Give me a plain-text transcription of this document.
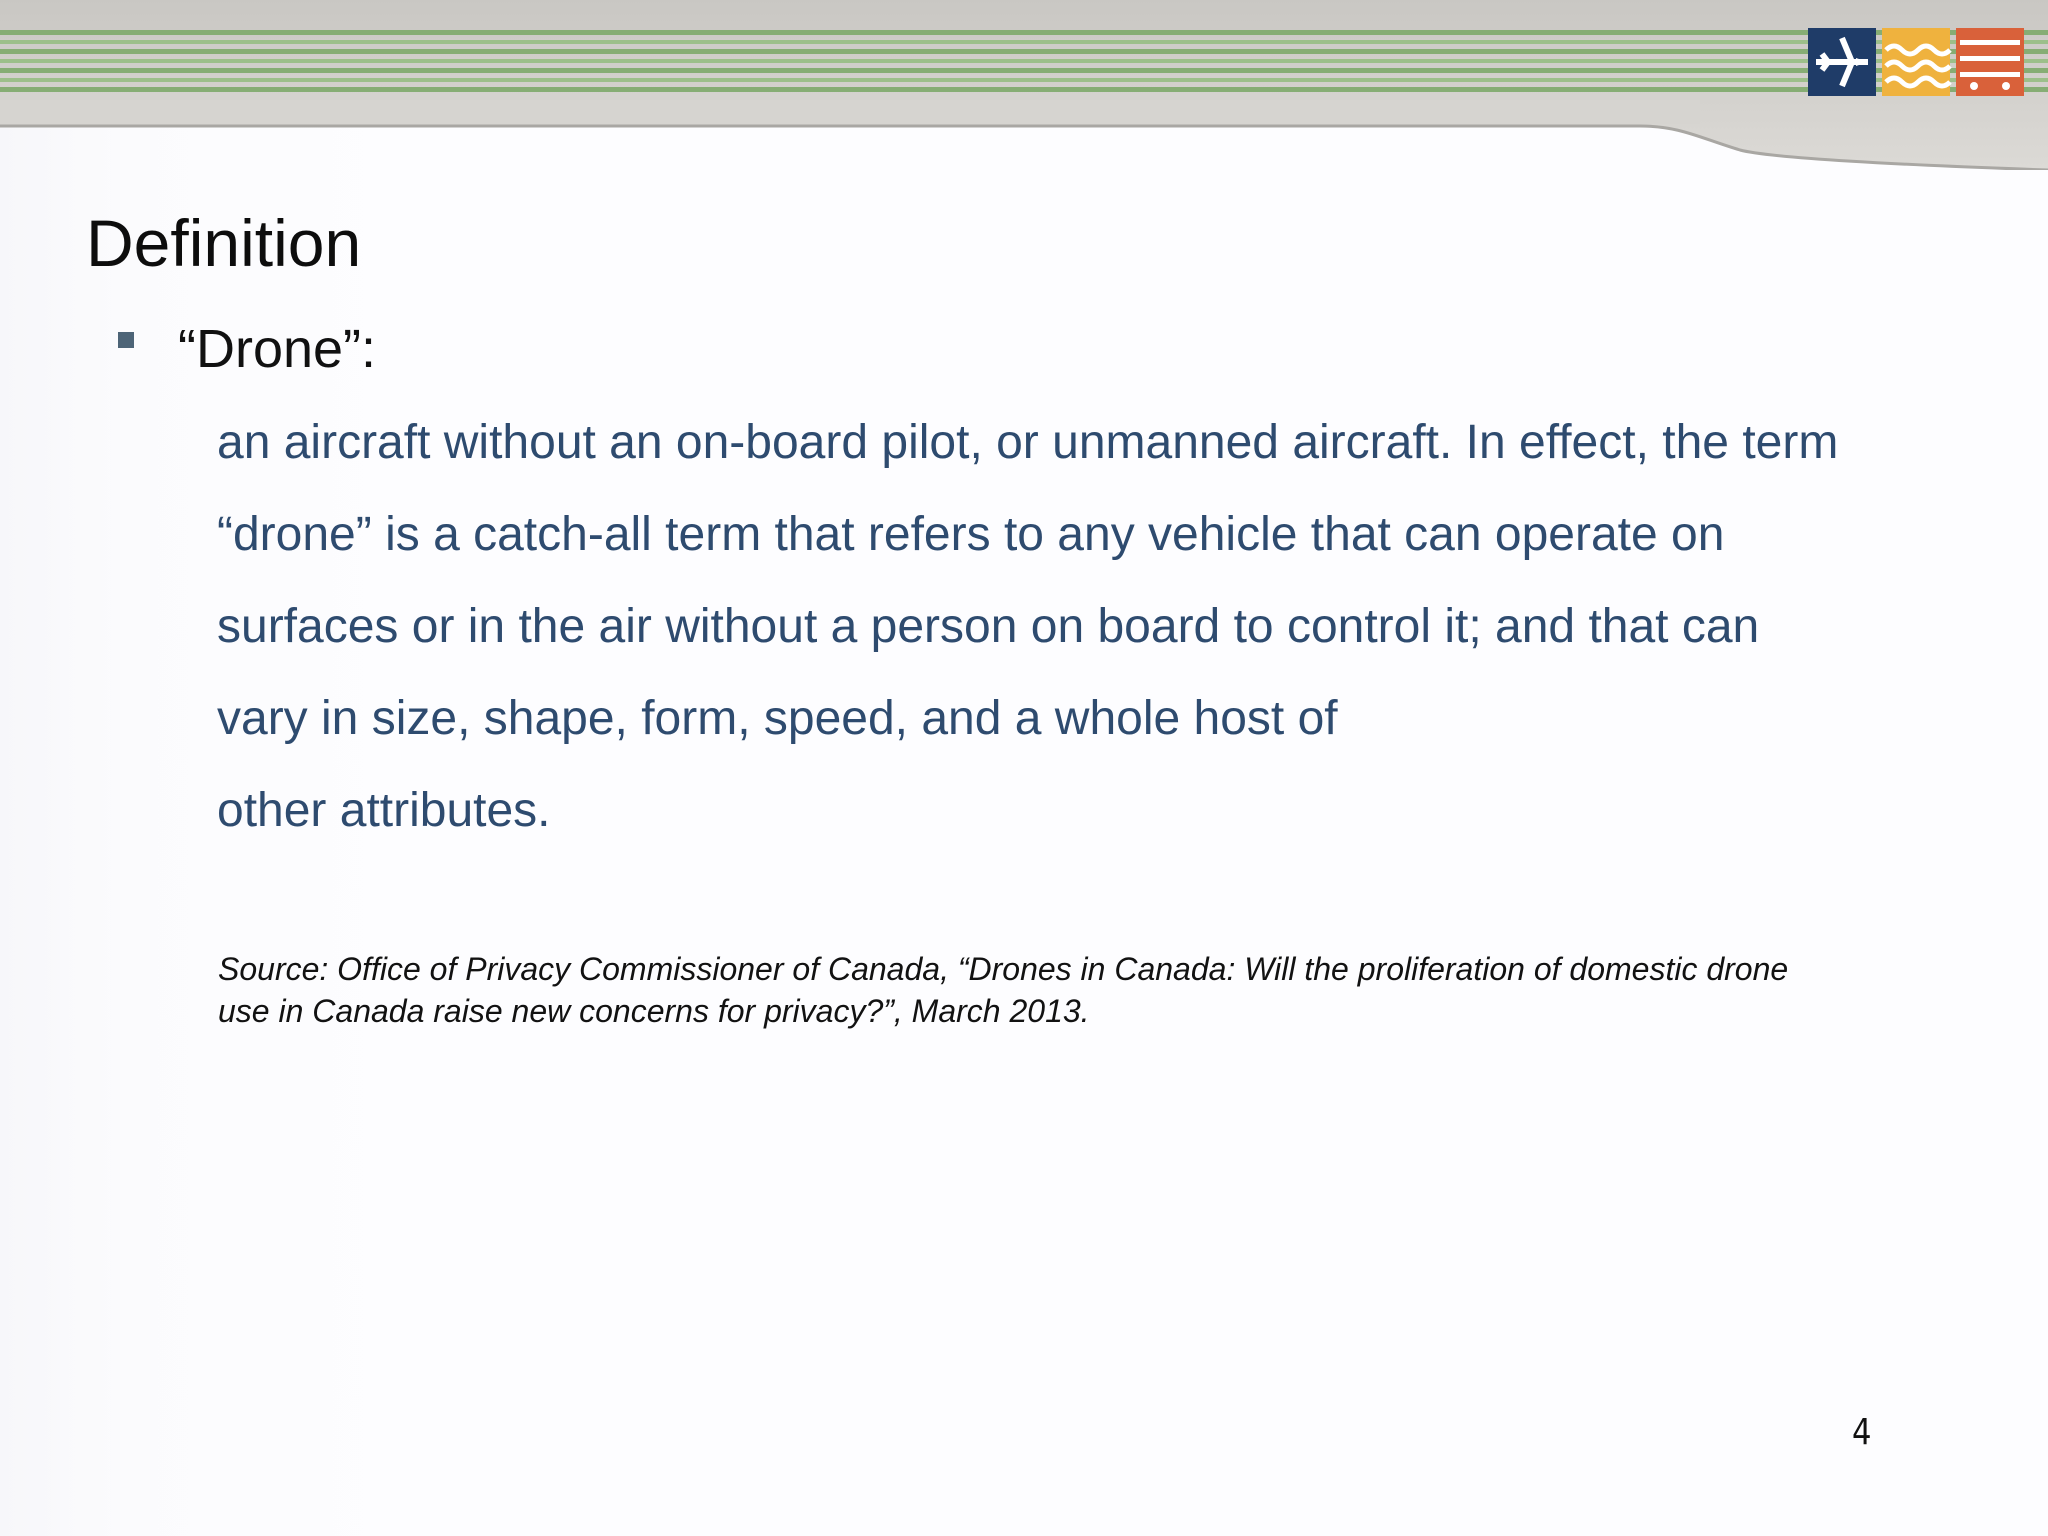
Definition
“Drone”:
an aircraft without an on-board pilot, or unmanned aircraft. In effect, the term
“drone” is a catch-all term that refers to any vehicle that can operate on
surfaces or in the air without a person on board to control it; and that can
vary in size, shape, form, speed, and a whole host of
other attributes.
Source: Office of Privacy Commissioner of Canada, “Drones in Canada: Will the proliferation of domestic drone
use in Canada raise new concerns for privacy?”, March 2013.
4
